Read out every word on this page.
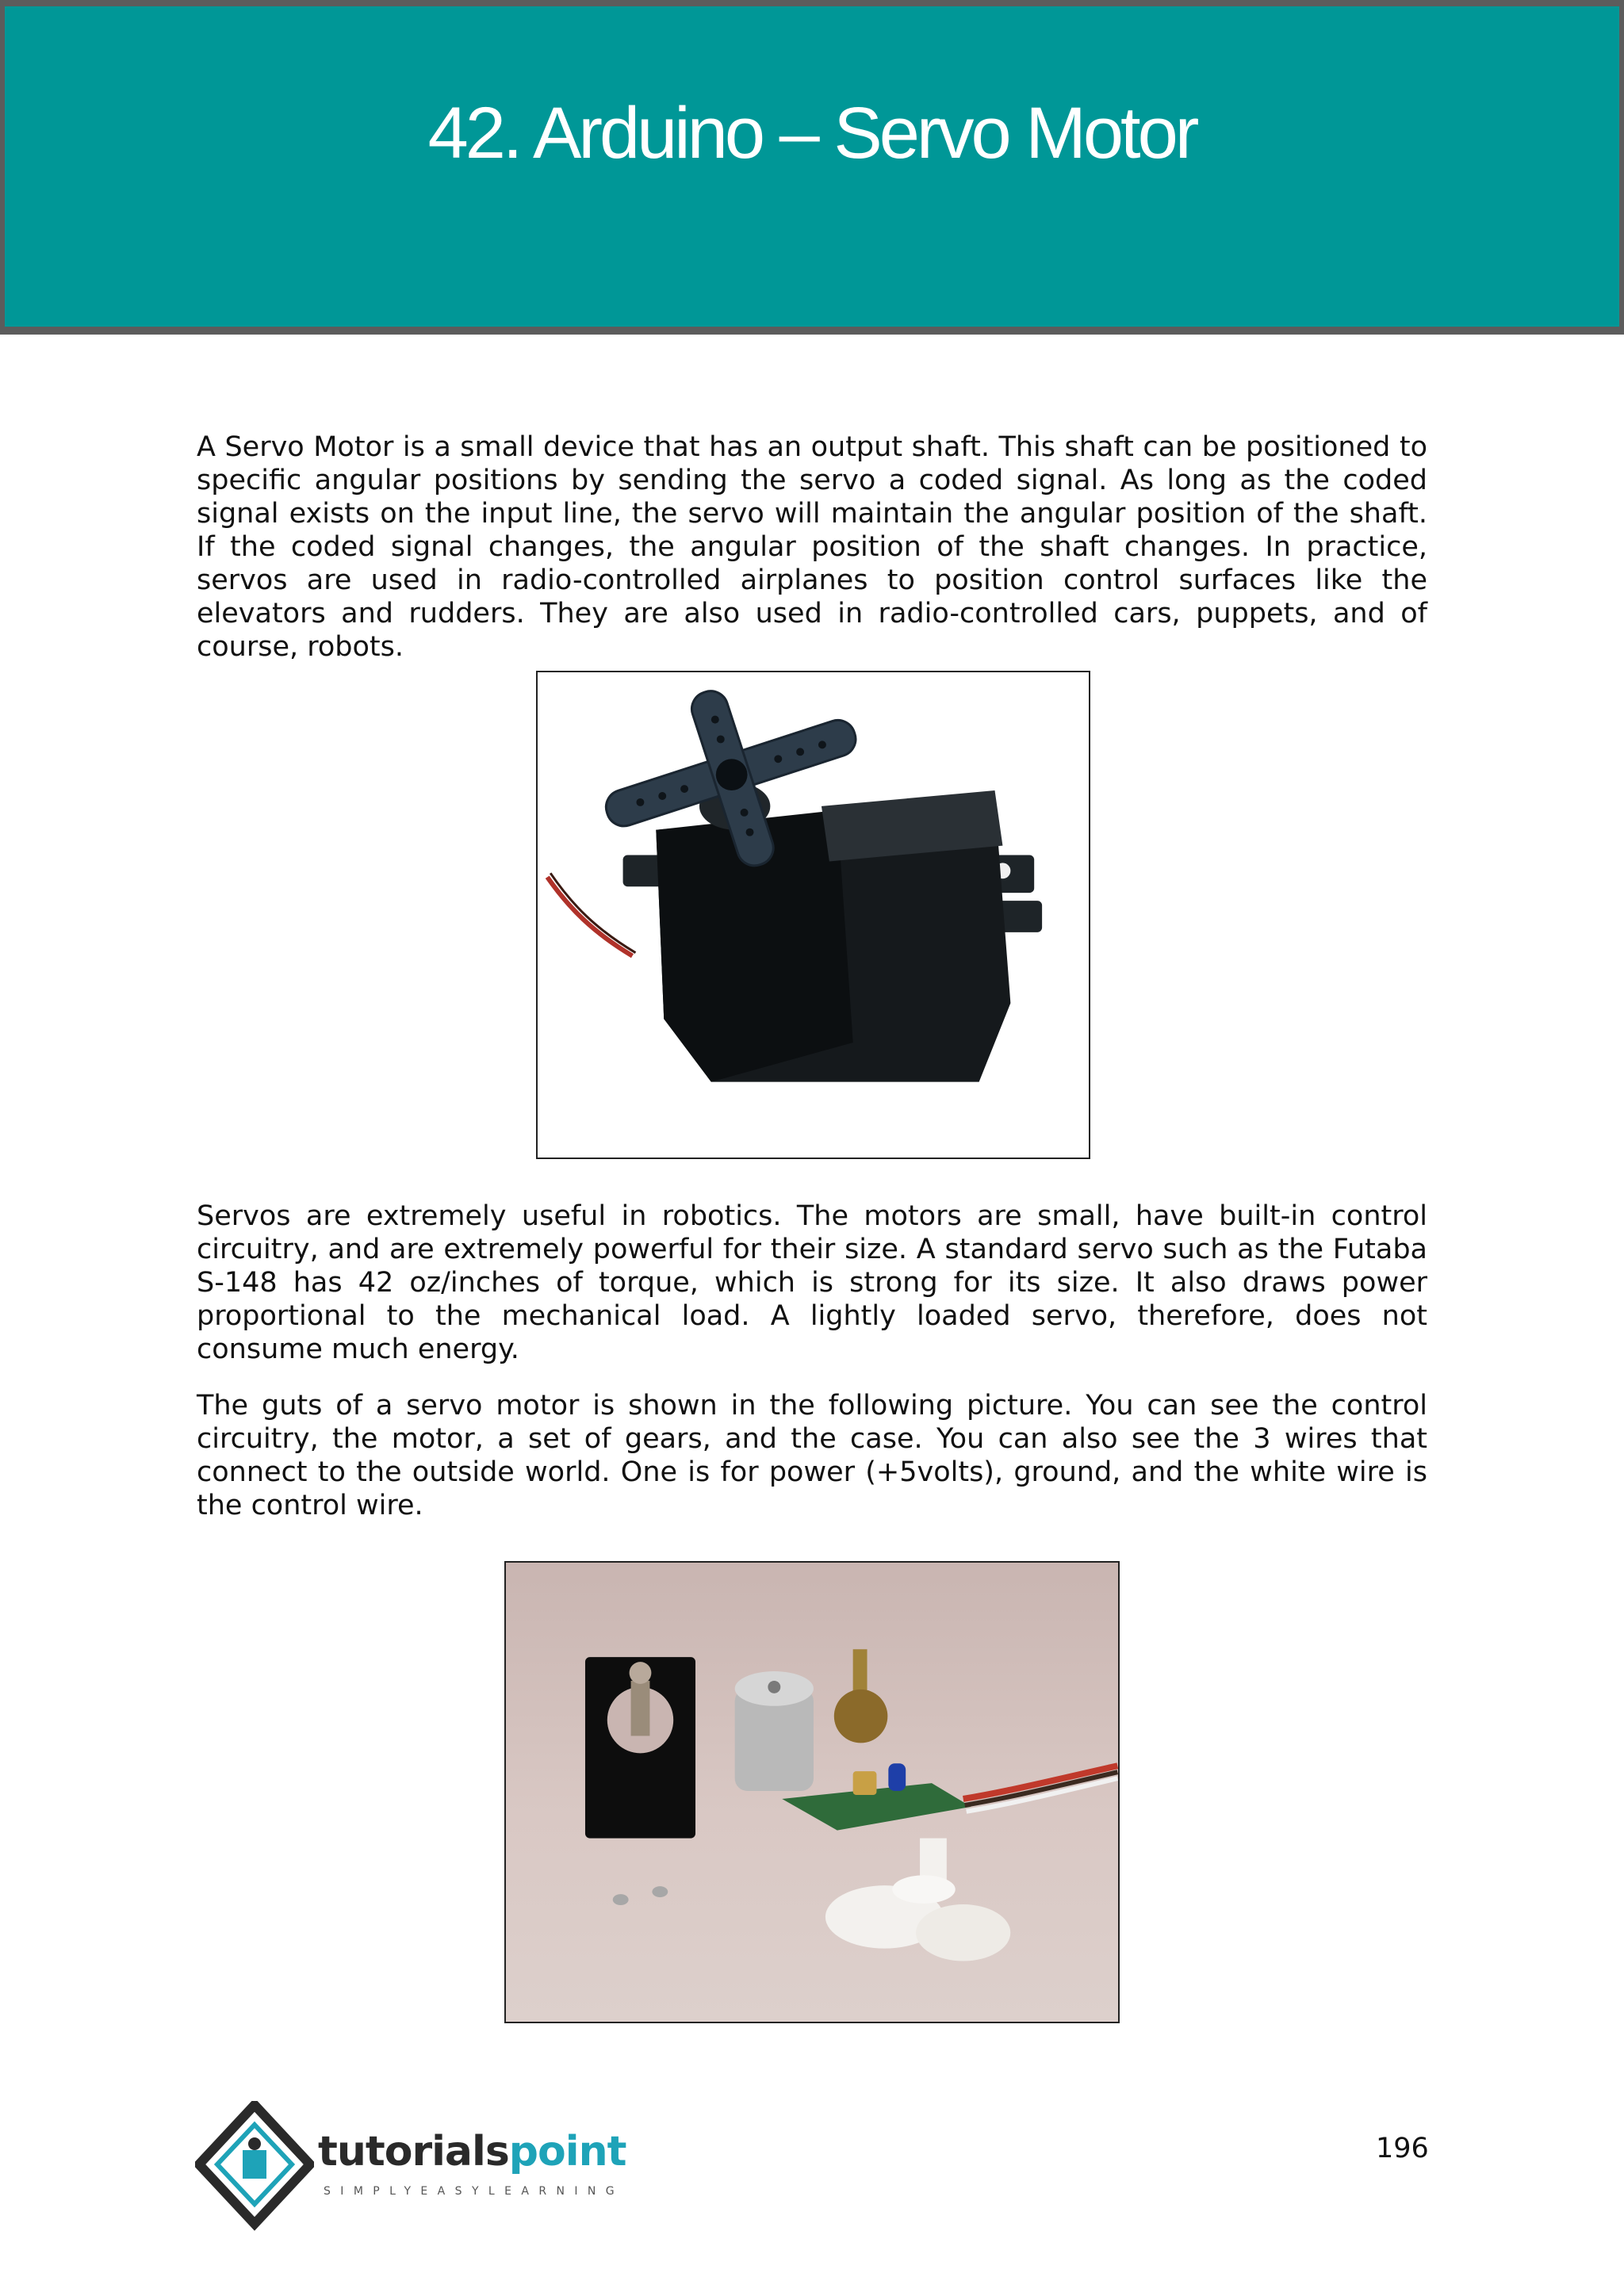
42. Arduino – Servo Motor

A Servo Motor is a small device that has an output shaft. This shaft can be positioned to specific angular positions by sending the servo a coded signal. As long as the coded signal exists on the input line, the servo will maintain the angular position of the shaft. If the coded signal changes, the angular position of the shaft changes. In practice, servos are used in radio-controlled airplanes to position control surfaces like the elevators and rudders. They are also used in radio-controlled cars, puppets, and of course, robots.

Servos are extremely useful in robotics. The motors are small, have built-in control circuitry, and are extremely powerful for their size. A standard servo such as the Futaba S-148 has 42 oz/inches of torque, which is strong for its size. It also draws power proportional to the mechanical load. A lightly loaded servo, therefore, does not consume much energy.

The guts of a servo motor is shown in the following picture. You can see the control circuitry, the motor, a set of gears, and the case. You can also see the 3 wires that connect to the outside world. One is for power (+5volts), ground, and the white wire is the control wire.

tutorialspoint
SIMPLYEASYLEARNING
196
